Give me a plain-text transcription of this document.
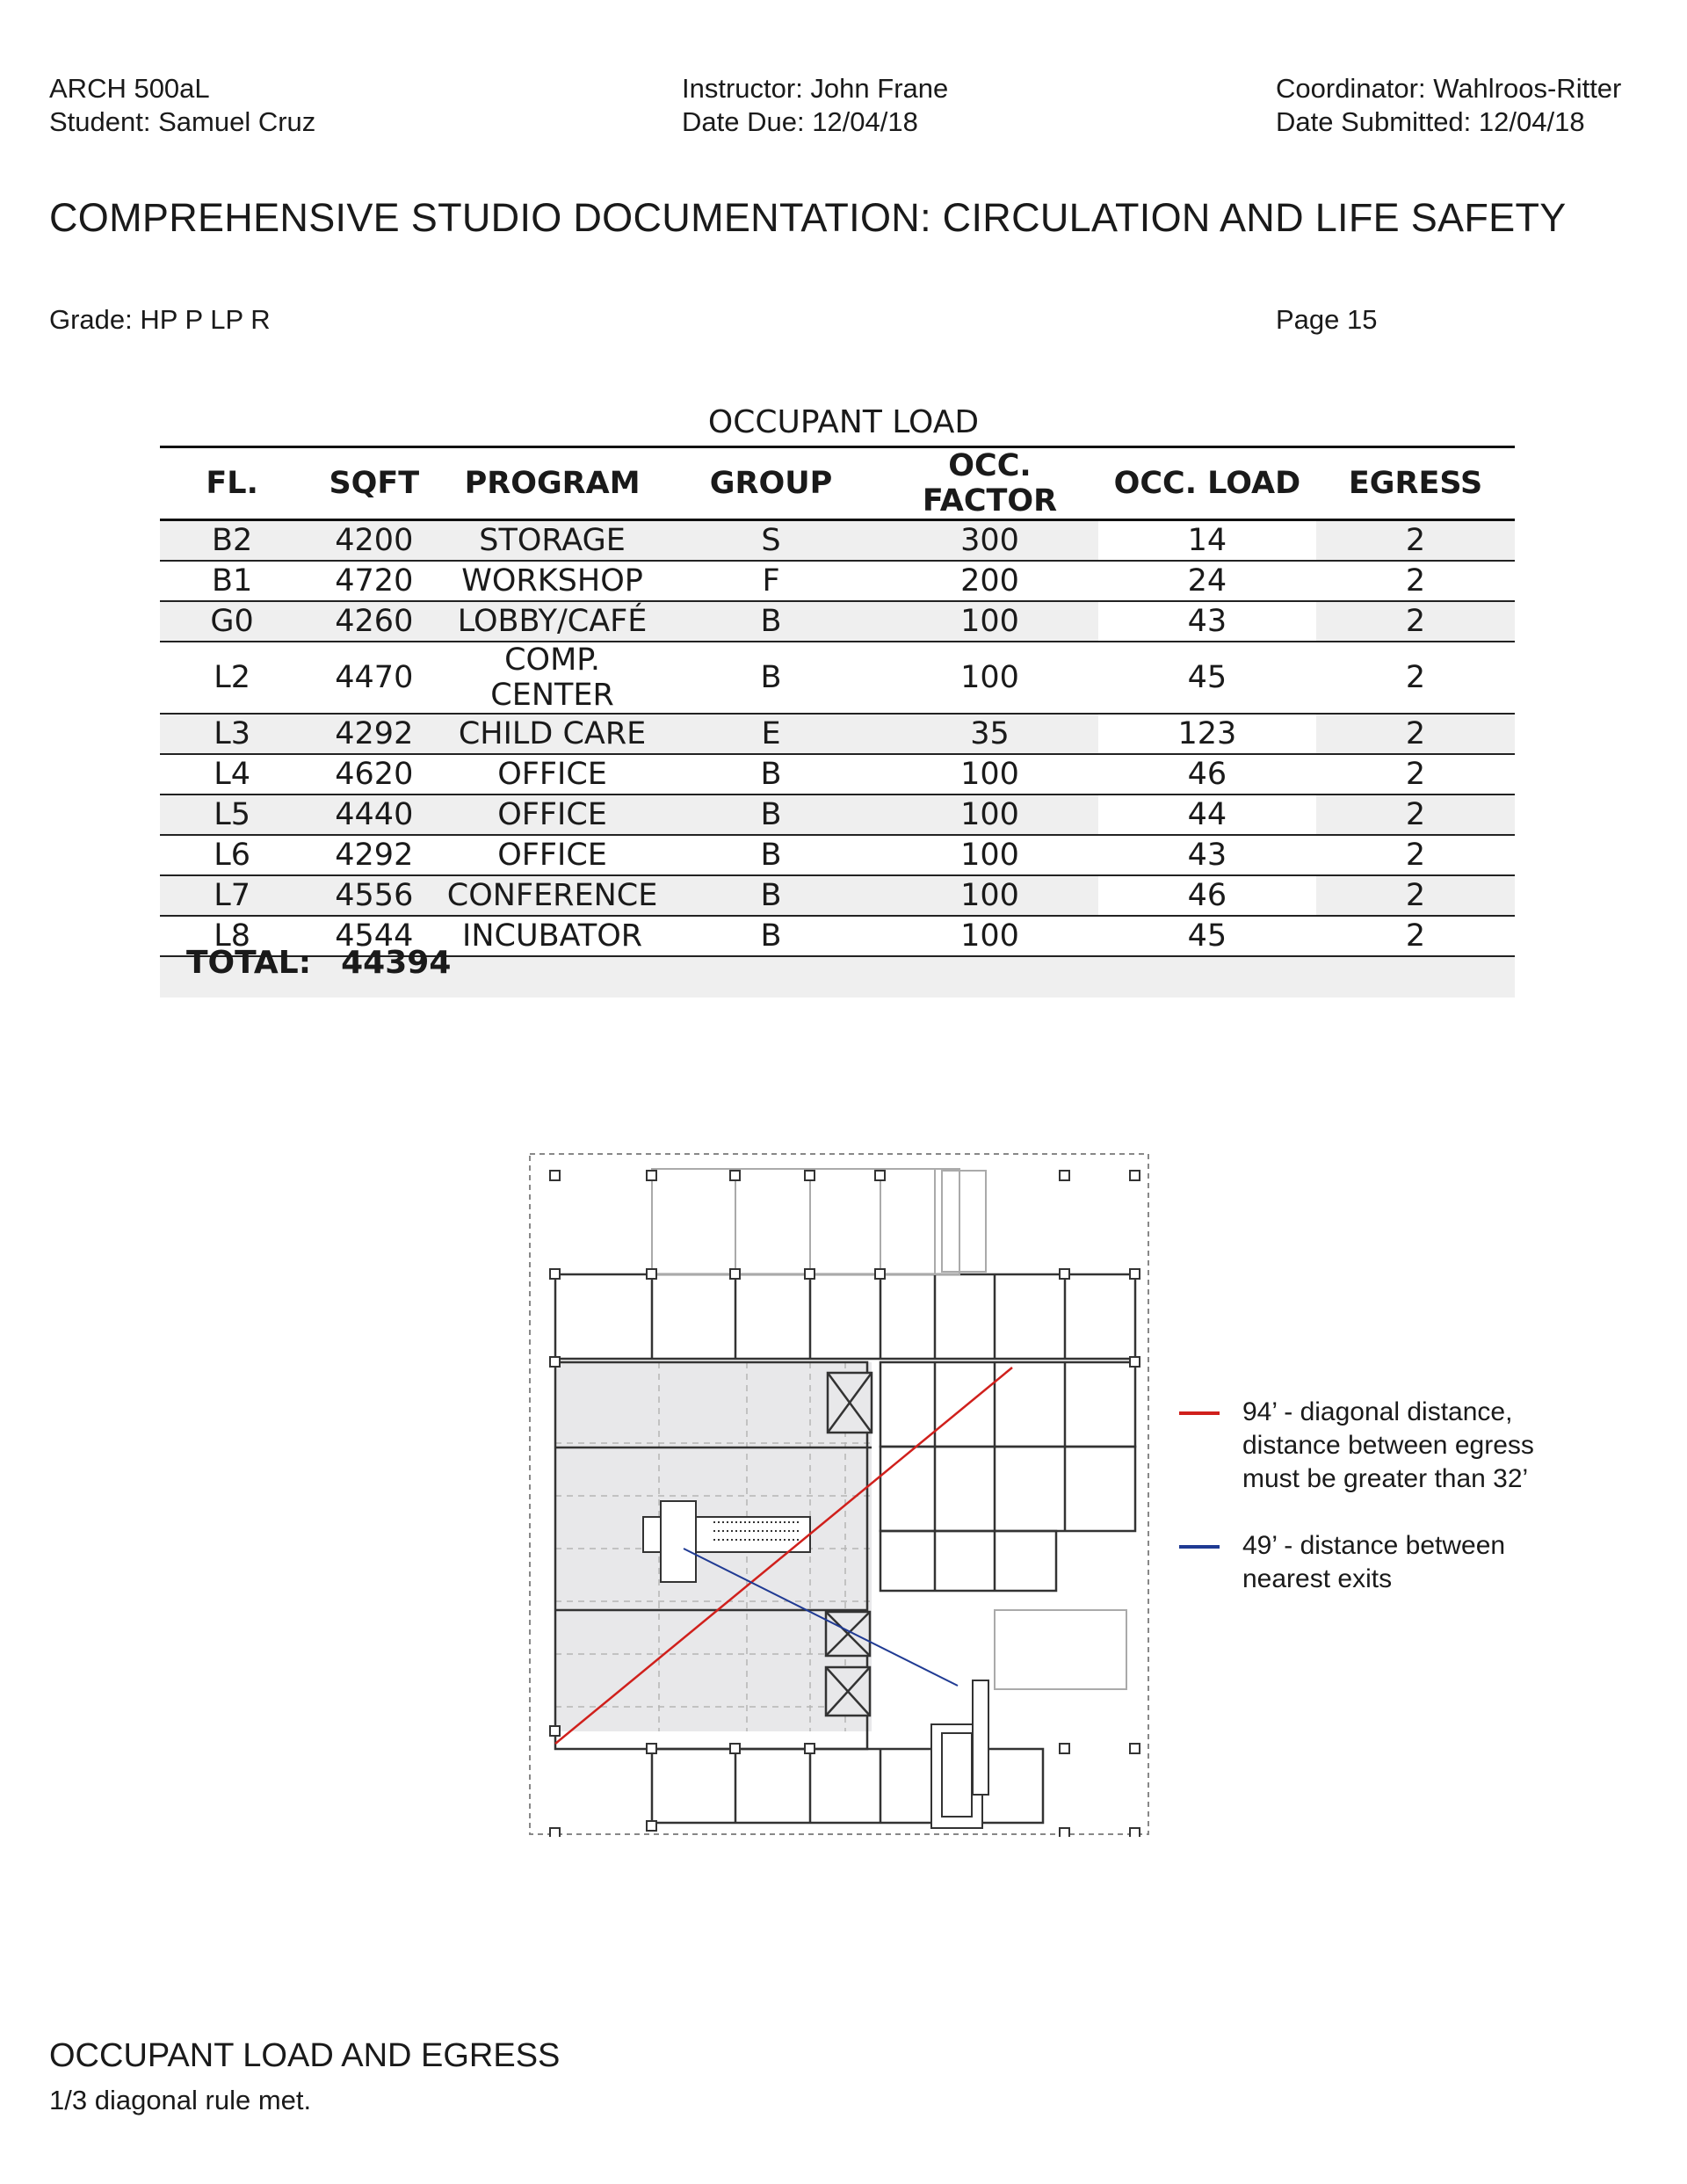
ARCH 500aL
Student: Samuel Cruz
Instructor: John Frane
Date Due: 12/04/18
Coordinator: Wahlroos-Ritter
Date Submitted: 12/04/18
COMPREHENSIVE STUDIO DOCUMENTATION: CIRCULATION AND LIFE SAFETY
Grade: HP P LP R	Page 15
OCCUPANT LOAD
FL.	SQFT	PROGRAM	GROUP	OCC. FACTOR	OCC. LOAD	EGRESS
B2	4200	STORAGE	S	300	14	2
B1	4720	WORKSHOP	F	200	24	2
G0	4260	LOBBY/CAFÉ	B	100	43	2
L2	4470	COMP. CENTER	B	100	45	2
L3	4292	CHILD CARE	E	35	123	2
L4	4620	OFFICE	B	100	46	2
L5	4440	OFFICE	B	100	44	2
L6	4292	OFFICE	B	100	43	2
L7	4556	CONFERENCE	B	100	46	2
L8	4544	INCUBATOR	B	100	45	2

TOTAL: 44394
94’ - diagonal distance,
distance between egress
must be greater than 32’
49’ - distance between
nearest exits
OCCUPANT LOAD AND EGRESS
1/3 diagonal rule met.
